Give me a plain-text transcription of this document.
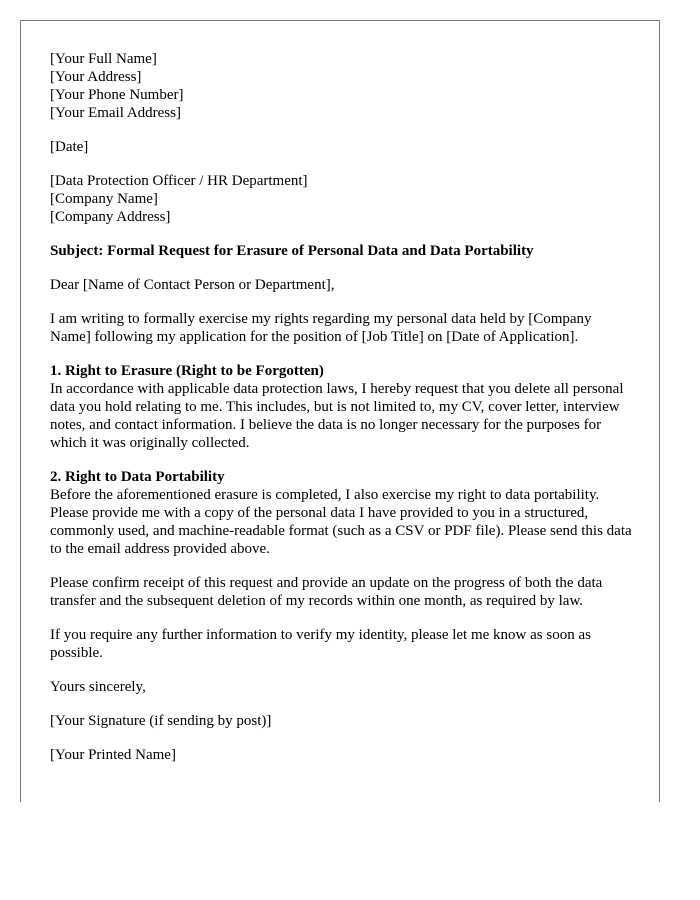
[Your Full Name]
[Your Address]
[Your Phone Number]
[Your Email Address]
[Date]
[Data Protection Officer / HR Department]
[Company Name]
[Company Address]

Subject: Formal Request for Erasure of Personal Data and Data Portability

Dear [Name of Contact Person or Department],

I am writing to formally exercise my rights regarding my personal data held by [Company Name] following my application for the position of [Job Title] on [Date of Application].

1. Right to Erasure (Right to be Forgotten)
In accordance with applicable data protection laws, I hereby request that you delete all personal data you hold relating to me. This includes, but is not limited to, my CV, cover letter, interview notes, and contact information. I believe the data is no longer necessary for the purposes for which it was originally collected.
2. Right to Data Portability
Before the aforementioned erasure is completed, I also exercise my right to data portability. Please provide me with a copy of the personal data I have provided to you in a structured, commonly used, and machine-readable format (such as a CSV or PDF file). Please send this data to the email address provided above.

Please confirm receipt of this request and provide an update on the progress of both the data transfer and the subsequent deletion of my records within one month, as required by law.

If you require any further information to verify my identity, please let me know as soon as possible.

Yours sincerely,

[Your Signature (if sending by post)]

[Your Printed Name]
